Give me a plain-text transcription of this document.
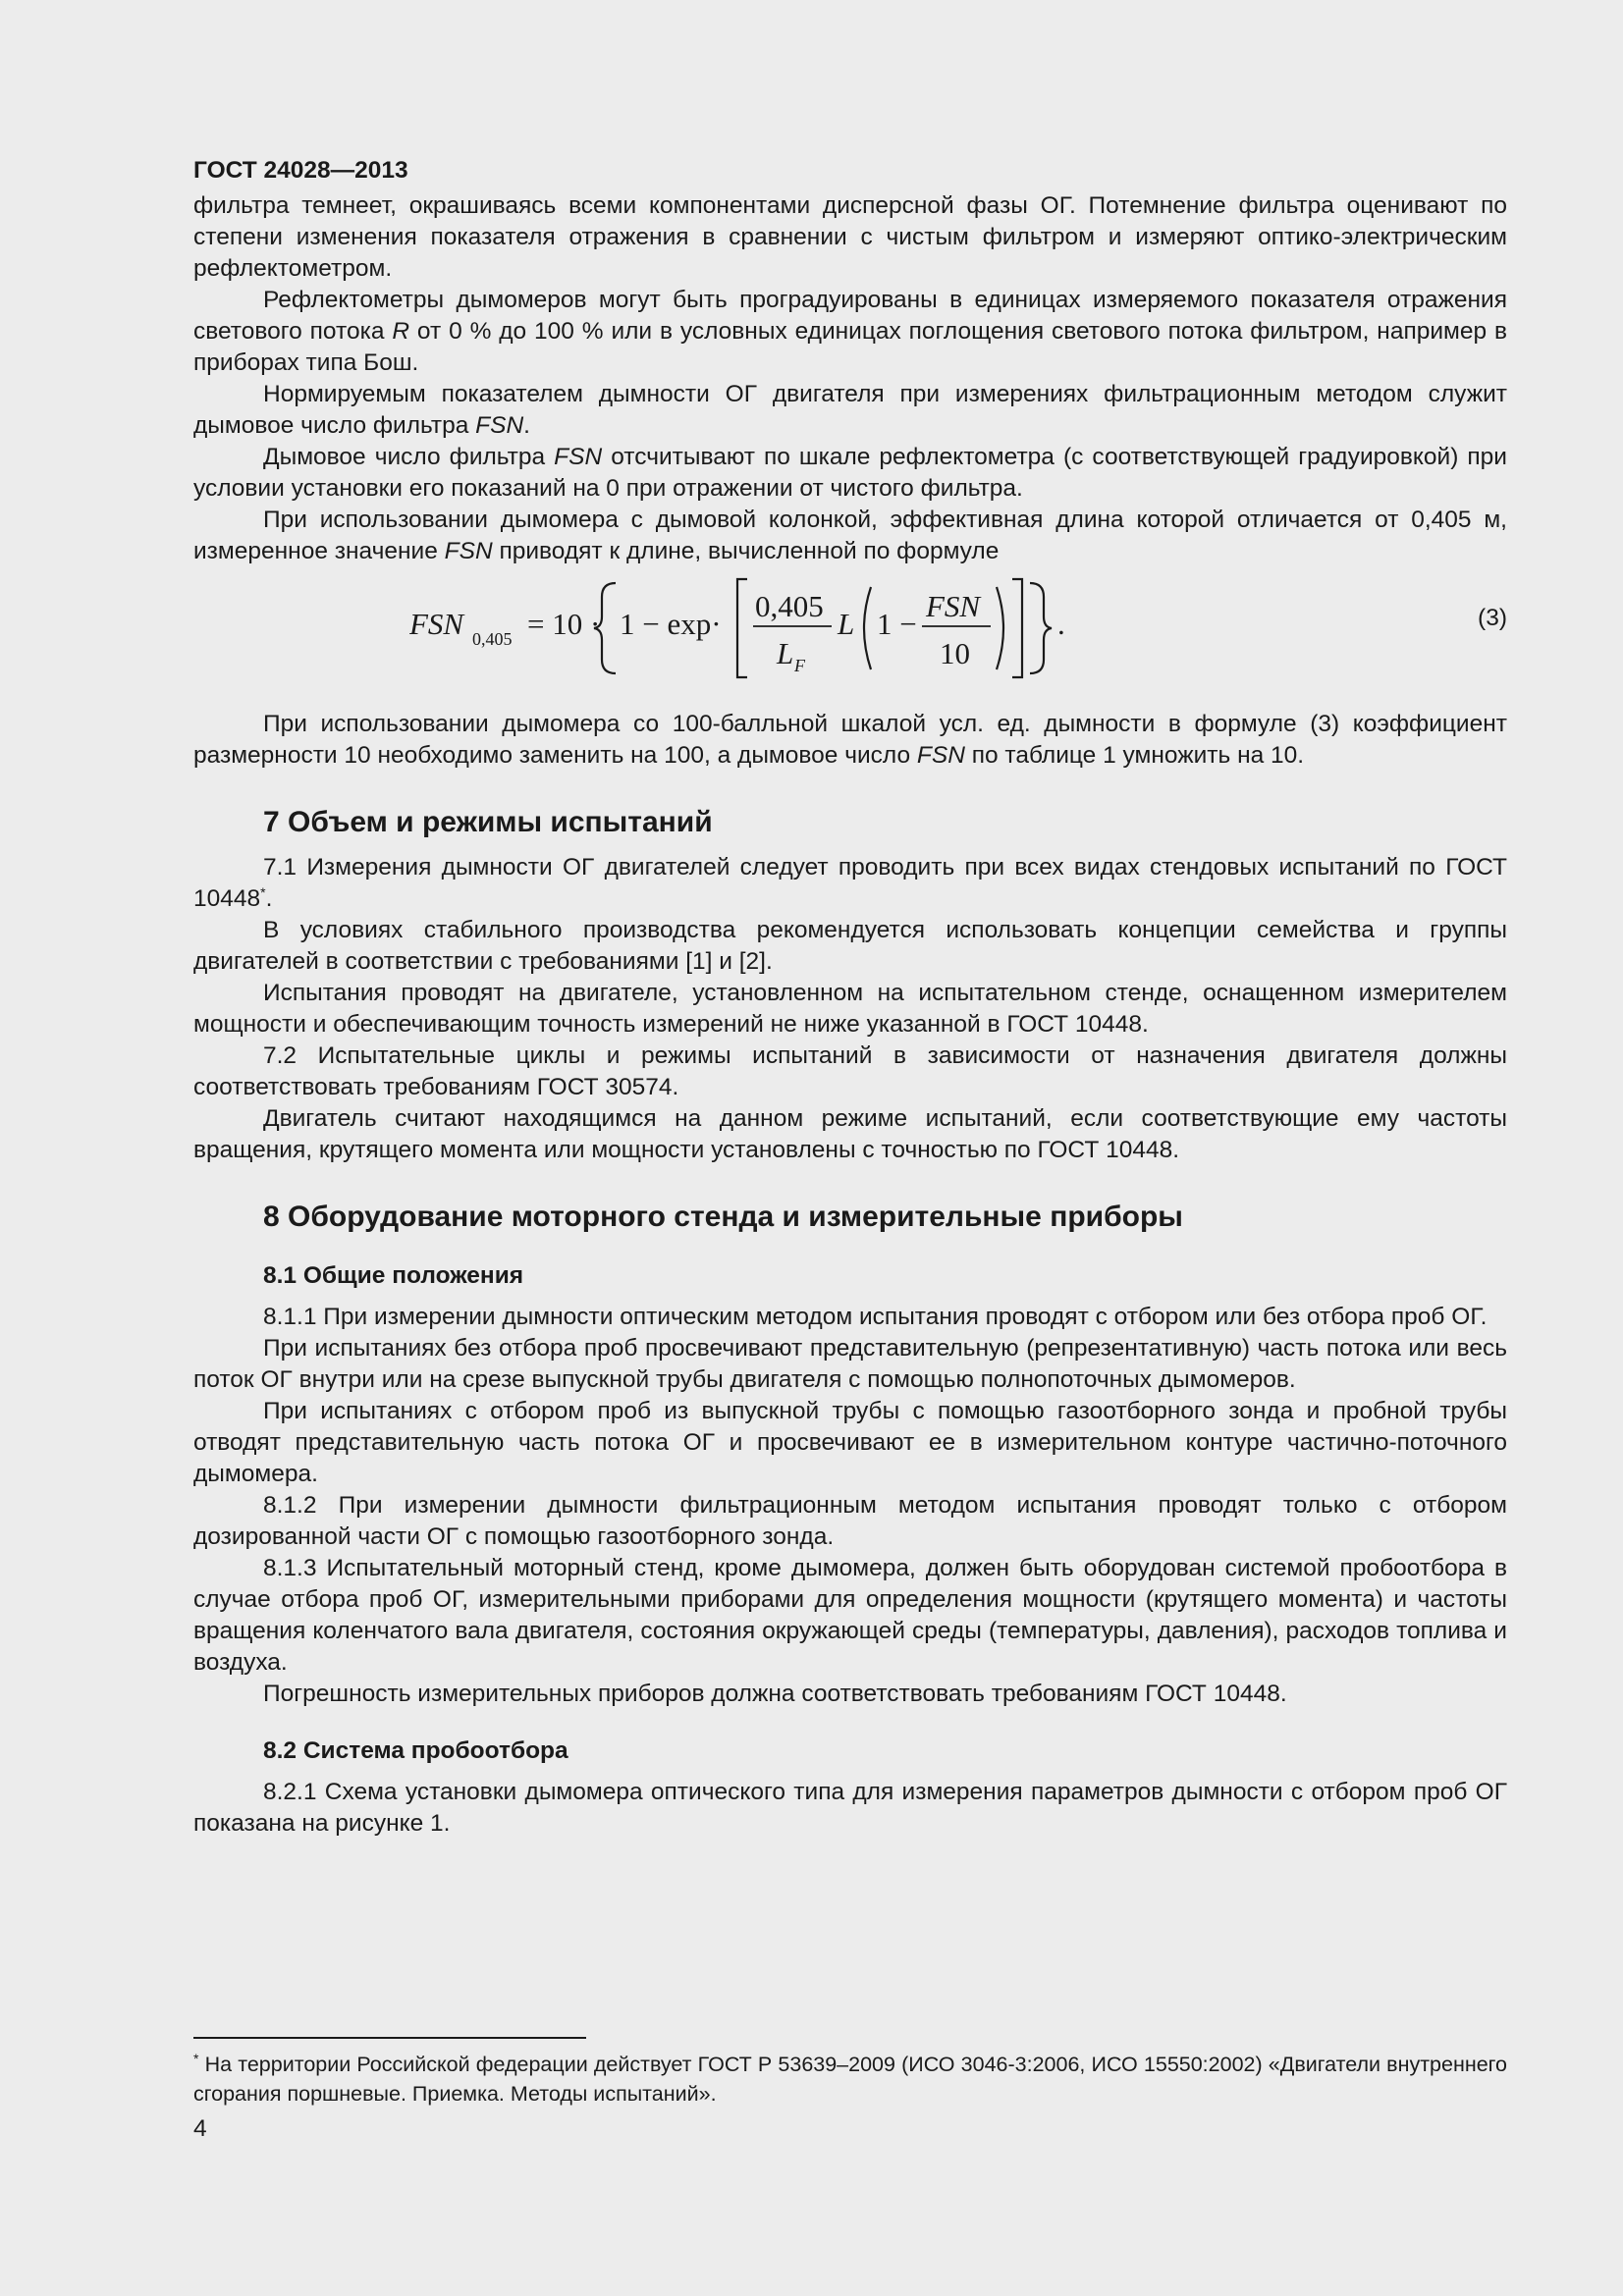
ГОСТ 24028—2013

фильтра темнеет, окрашиваясь всеми компонентами дисперсной фазы ОГ. Потемнение фильтра оценивают по степени изменения показателя отражения в сравнении с чистым фильтром и измеряют оптико-электрическим рефлектометром.

Рефлектометры дымомеров могут быть проградуированы в единицах измеряемого показателя отражения светового потока R от 0 % до 100 % или в условных единицах поглощения светового потока фильтром, например в приборах типа Бош.

Нормируемым показателем дымности ОГ двигателя при измерениях фильтрационным методом служит дымовое число фильтра FSN.

Дымовое число фильтра FSN отсчитывают по шкале рефлектометра (с соответствующей градуировкой) при условии установки его показаний на 0 при отражении от чистого фильтра.

При использовании дымомера с дымовой колонкой, эффективная длина которой отличается от 0,405 м, измеренное значение FSN приводят к длине, вычисленной по формуле

FSN 0,405 = 10 · 1 − exp·
0,405
L F
L 1 −
FSN
10
.	(3)

При использовании дымомера со 100-балльной шкалой усл. ед. дымности в формуле (3) коэффициент размерности 10 необходимо заменить на 100, а дымовое число FSN по таблице 1 умножить на 10.

7 Объем и режимы испытаний

7.1 Измерения дымности ОГ двигателей следует проводить при всех видах стендовых испытаний по ГОСТ 10448*.

В условиях стабильного производства рекомендуется использовать концепции семейства и группы двигателей в соответствии с требованиями [1] и [2].

Испытания проводят на двигателе, установленном на испытательном стенде, оснащенном измерителем мощности и обеспечивающим точность измерений не ниже указанной в ГОСТ 10448.

7.2 Испытательные циклы и режимы испытаний в зависимости от назначения двигателя должны соответствовать требованиям ГОСТ 30574.

Двигатель считают находящимся на данном режиме испытаний, если соответствующие ему частоты вращения, крутящего момента или мощности установлены с точностью по ГОСТ 10448.

8 Оборудование моторного стенда и измерительные приборы
8.1 Общие положения

8.1.1 При измерении дымности оптическим методом испытания проводят с отбором или без отбора проб ОГ.

При испытаниях без отбора проб просвечивают представительную (репрезентативную) часть потока или весь поток ОГ внутри или на срезе выпускной трубы двигателя с помощью полнопоточных дымомеров.

При испытаниях с отбором проб из выпускной трубы с помощью газоотборного зонда и пробной трубы отводят представительную часть потока ОГ и просвечивают ее в измерительном контуре частично-поточного дымомера.

8.1.2 При измерении дымности фильтрационным методом испытания проводят только с отбором дозированной части ОГ с помощью газоотборного зонда.

8.1.3 Испытательный моторный стенд, кроме дымомера, должен быть оборудован системой пробоотбора в случае отбора проб ОГ, измерительными приборами для определения мощности (крутящего момента) и частоты вращения коленчатого вала двигателя, состояния окружающей среды (температуры, давления), расходов топлива и воздуха.

Погрешность измерительных приборов должна соответствовать требованиям ГОСТ 10448.

8.2 Система пробоотбора

8.2.1 Схема установки дымомера оптического типа для измерения параметров дымности с отбором проб ОГ показана на рисунке 1.

* На территории Российской федерации действует ГОСТ Р 53639–2009 (ИСО 3046-3:2006, ИСО 15550:2002) «Двигатели внутреннего сгорания поршневые. Приемка. Методы испытаний».
4
